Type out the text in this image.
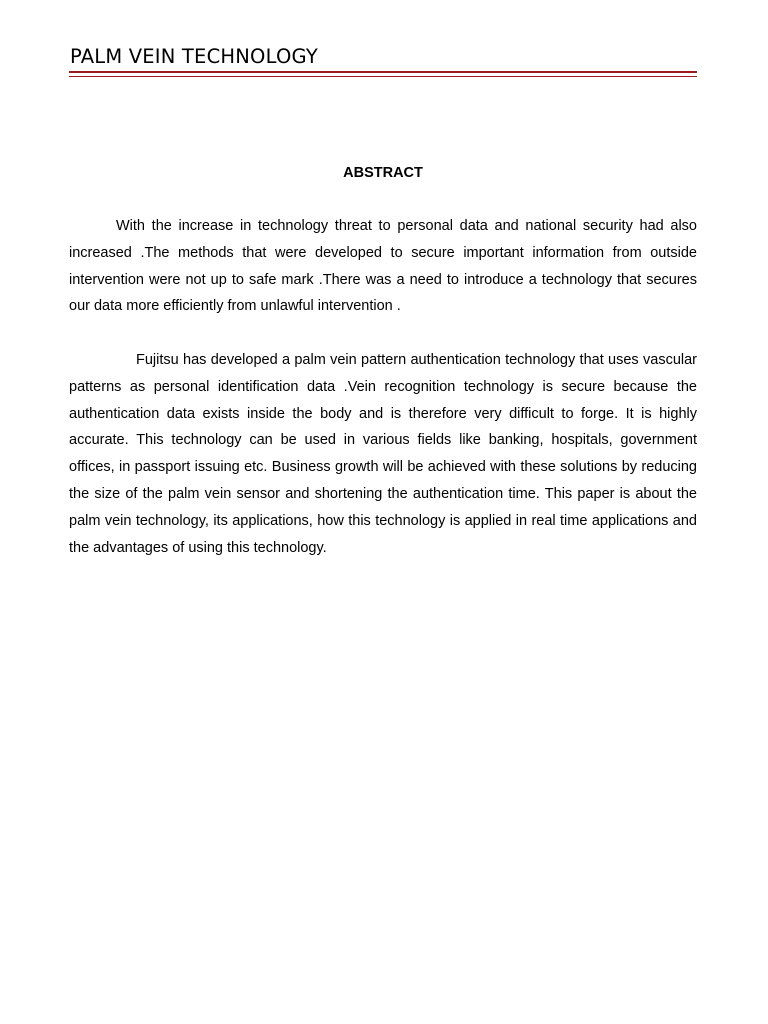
PALM VEIN TECHNOLOGY
ABSTRACT

With the increase in technology threat to personal data and national security had also increased .The methods that were developed to secure important information from outside intervention were not up to safe mark .There was a need to introduce a technology that secures our data more efficiently from unlawful intervention .

Fujitsu has developed a palm vein pattern authentication technology that uses vascular patterns as personal identification data .Vein recognition technology is secure because the authentication data exists inside the body and is therefore very difficult to forge. It is highly accurate. This technology can be used in various fields like banking, hospitals, government offices, in passport issuing etc. Business growth will be achieved with these solutions by reducing the size of the palm vein sensor and shortening the authentication time. This paper is about the palm vein technology, its applications, how this technology is applied in real time applications and the advantages of using this technology.
